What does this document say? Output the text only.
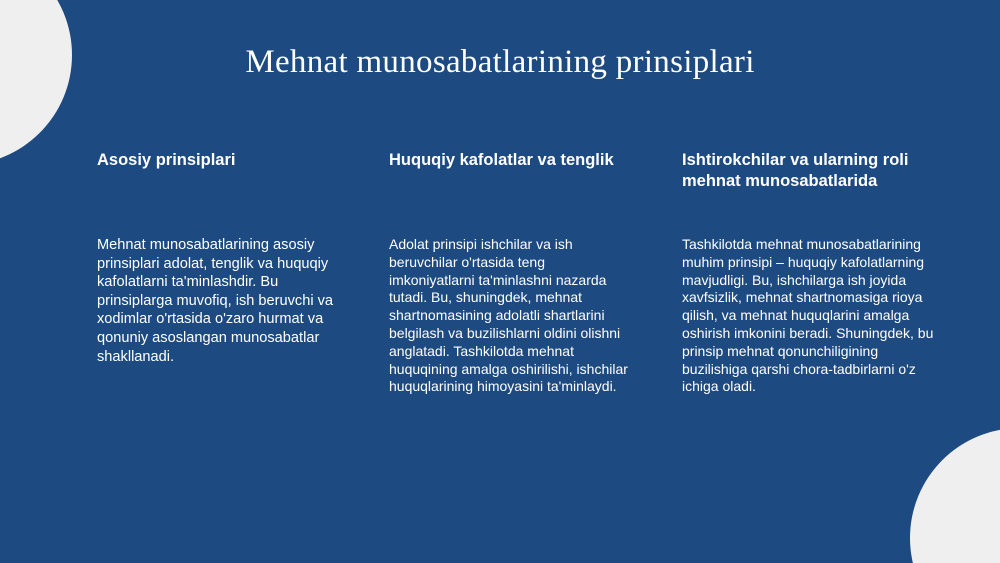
Mehnat munosabatlarining prinsiplari
Asosiy prinsiplari

Mehnat munosabatlarining asosiy prinsiplari adolat, tenglik va huquqiy kafolatlarni ta'minlashdir. Bu prinsiplarga muvofiq, ish beruvchi va xodimlar o'rtasida o'zaro hurmat va qonuniy asoslangan munosabatlar shakllanadi.

Huquqiy kafolatlar va tenglik

Adolat prinsipi ishchilar va ish beruvchilar o'rtasida teng imkoniyatlarni ta'minlashni nazarda tutadi. Bu, shuningdek, mehnat shartnomasining adolatli shartlarini belgilash va buzilishlarni oldini olishni anglatadi. Tashkilotda mehnat huquqining amalga oshirilishi, ishchilar huquqlarining himoyasini ta'minlaydi.

Ishtirokchilar va ularning roli mehnat munosabatlarida

Tashkilotda mehnat munosabatlarining muhim prinsipi – huquqiy kafolatlarning mavjudligi. Bu, ishchilarga ish joyida xavfsizlik, mehnat shartnomasiga rioya qilish, va mehnat huquqlarini amalga oshirish imkonini beradi. Shuningdek, bu prinsip mehnat qonunchiligining buzilishiga qarshi chora-tadbirlarni o'z ichiga oladi.
